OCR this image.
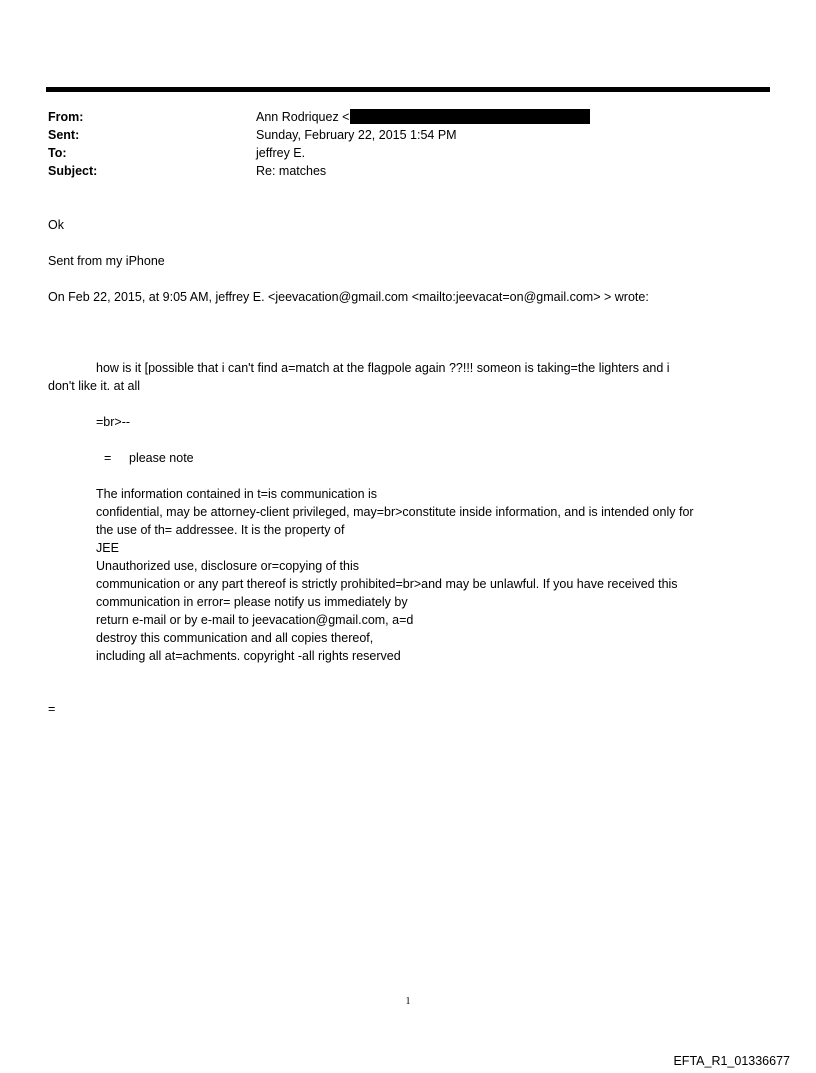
From:	Ann Rodriquez <
Sent:	Sunday, February 22, 2015 1:54 PM
To:	jeffrey E.
Subject:	Re: matches
Ok
Sent from my iPhone
On Feb 22, 2015, at 9:05 AM, jeffrey E. <jeevacation@gmail.com <mailto:jeevacat=on@gmail.com> > wrote:
how is it [possible that i can't find a=match at the flagpole again ??!!! someon is taking=the lighters and i
don't like it. at all
=br>--
= please note
The information contained in t=is communication is
confidential, may be attorney-client privileged, may=br>constitute inside information, and is intended only for
the use of th= addressee. It is the property of
JEE
Unauthorized use, disclosure or=copying of this
communication or any part thereof is strictly prohibited=br>and may be unlawful. If you have received this
communication in error= please notify us immediately by
return e-mail or by e-mail to jeevacation@gmail.com, a=d
destroy this communication and all copies thereof,
including all at=achments. copyright -all rights reserved
=
1
EFTA_R1_01336677
